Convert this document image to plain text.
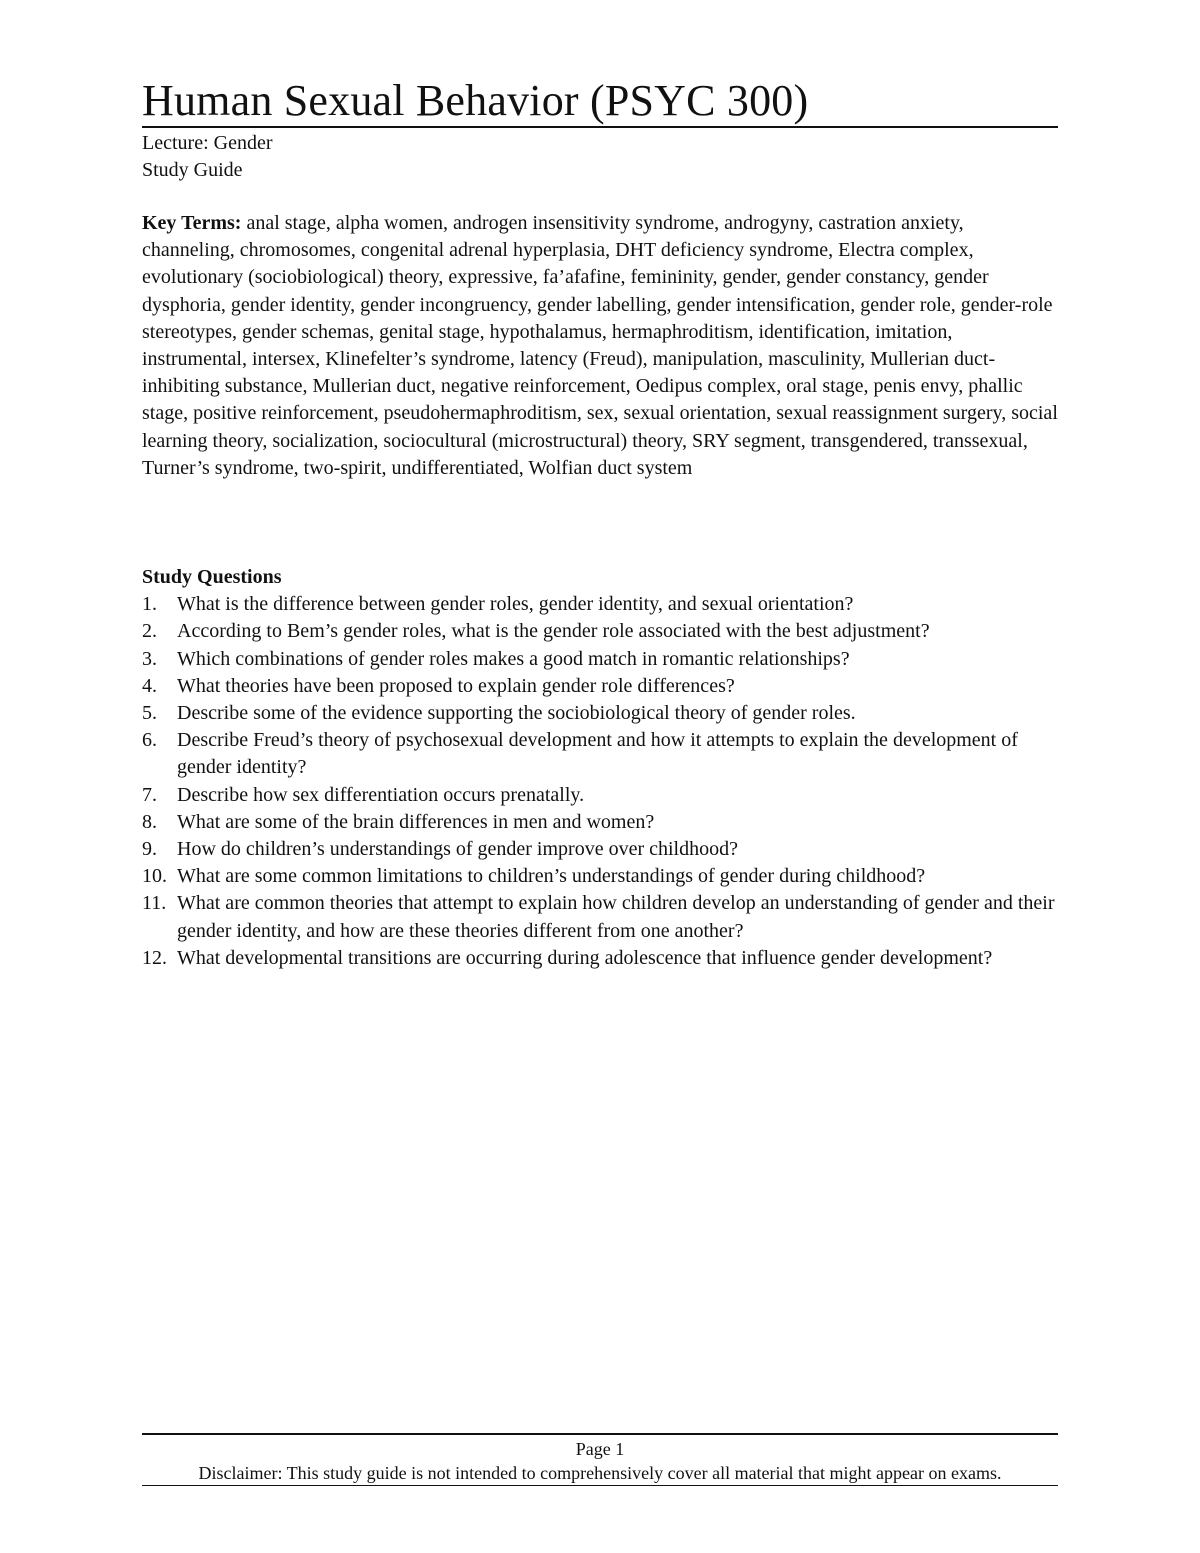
Human Sexual Behavior (PSYC 300)
Lecture: Gender
Study Guide
Key Terms: anal stage, alpha women, androgen insensitivity syndrome, androgyny, castration anxiety, channeling, chromosomes, congenital adrenal hyperplasia, DHT deficiency syndrome, Electra complex, evolutionary (sociobiological) theory, expressive, fa’afafine, femininity, gender, gender constancy, gender dysphoria, gender identity, gender incongruency, gender labelling, gender intensification, gender role, gender-role stereotypes, gender schemas, genital stage, hypothalamus, hermaphroditism, identification, imitation, instrumental, intersex, Klinefelter’s syndrome, latency (Freud), manipulation, masculinity, Mullerian duct-inhibiting substance, Mullerian duct, negative reinforcement, Oedipus complex, oral stage, penis envy, phallic stage, positive reinforcement, pseudohermaphroditism, sex, sexual orientation, sexual reassignment surgery, social learning theory, socialization, sociocultural (microstructural) theory, SRY segment, transgendered, transsexual, Turner’s syndrome, two-spirit, undifferentiated, Wolfian duct system
Study Questions
1. What is the difference between gender roles, gender identity, and sexual orientation?
2. According to Bem’s gender roles, what is the gender role associated with the best adjustment?
3. Which combinations of gender roles makes a good match in romantic relationships?
4. What theories have been proposed to explain gender role differences?
5. Describe some of the evidence supporting the sociobiological theory of gender roles.
6. Describe Freud’s theory of psychosexual development and how it attempts to explain the development of gender identity?
7. Describe how sex differentiation occurs prenatally.
8. What are some of the brain differences in men and women?
9. How do children’s understandings of gender improve over childhood?
10. What are some common limitations to children’s understandings of gender during childhood?
11. What are common theories that attempt to explain how children develop an understanding of gender and their gender identity, and how are these theories different from one another?
12. What developmental transitions are occurring during adolescence that influence gender development?
Page 1
Disclaimer: This study guide is not intended to comprehensively cover all material that might appear on exams.
